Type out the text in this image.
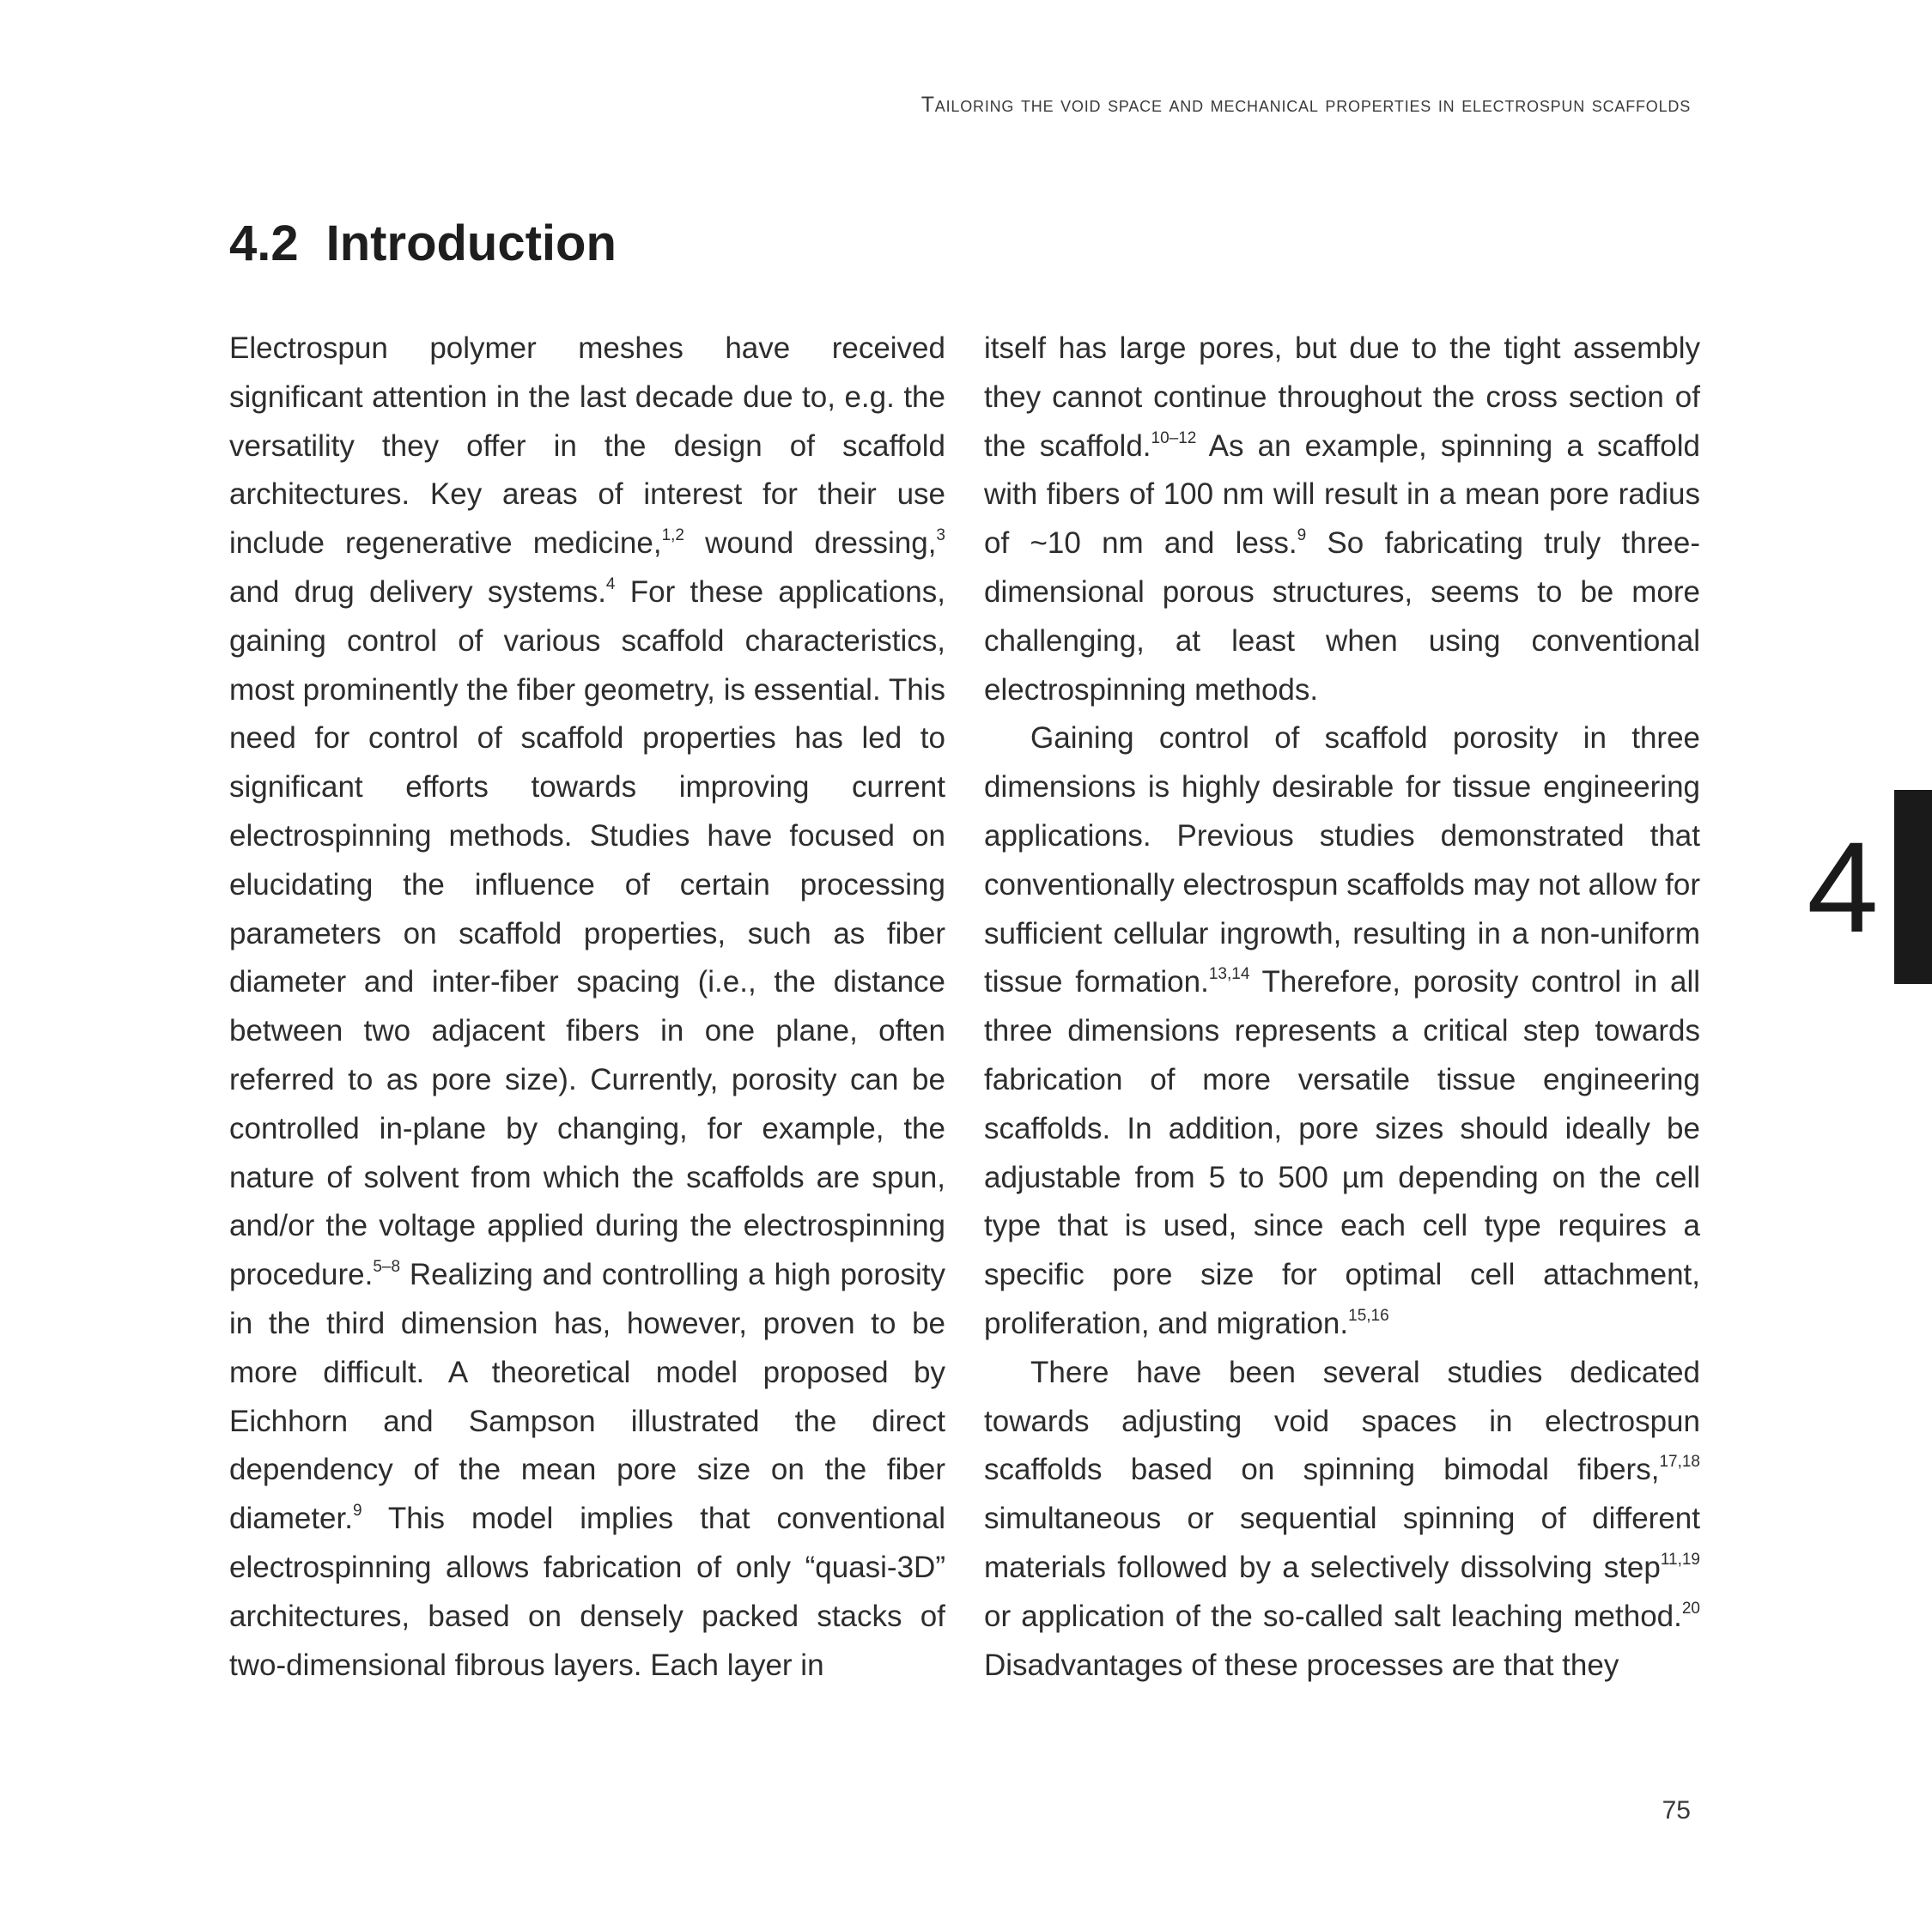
Tailoring the void space and mechanical properties in electrospun scaffolds
4.2 Introduction

Electrospun polymer meshes have received significant attention in the last decade due to, e.g. the versatility they offer in the design of scaffold architectures. Key areas of interest for their use include regenerative medicine,$^{1,2}$ wound dressing,$^3$ and drug delivery systems.$^4$ For these applications, gaining control of various scaffold characteristics, most prominently the fiber geometry, is essential. This need for control of scaffold properties has led to significant efforts towards improving current electrospinning methods. Studies have focused on elucidating the influence of certain processing parameters on scaffold properties, such as fiber diameter and inter-fiber spacing (i.e., the distance between two adjacent fibers in one plane, often referred to as pore size). Currently, porosity can be controlled in-plane by changing, for example, the nature of solvent from which the scaffolds are spun, and/or the voltage applied during the electrospinning procedure.$^{5-8}$ Realizing and controlling a high porosity in the third dimension has, however, proven to be more difficult. A theoretical model proposed by Eichhorn and Sampson illustrated the direct dependency of the mean pore size on the fiber diameter.$^9$ This model implies that conventional electrospinning allows fabrication of only “quasi-3D” architectures, based on densely packed stacks of two-dimensional fibrous layers. Each layer in

itself has large pores, but due to the tight assembly they cannot continue throughout the cross section of the scaffold.$^{10-12}$ As an example, spinning a scaffold with fibers of 100 nm will result in a mean pore radius of ~10 nm and less.$^9$ So fabricating truly three-dimensional porous structures, seems to be more challenging, at least when using conventional electrospinning methods.

Gaining control of scaffold porosity in three dimensions is highly desirable for tissue engineering applications. Previous studies demonstrated that conventionally electrospun scaffolds may not allow for sufficient cellular ingrowth, resulting in a non-uniform tissue formation.$^{13,14}$ Therefore, porosity control in all three dimensions represents a critical step towards fabrication of more versatile tissue engineering scaffolds. In addition, pore sizes should ideally be adjustable from 5 to 500 µm depending on the cell type that is used, since each cell type requires a specific pore size for optimal cell attachment, proliferation, and migration.$^{15,16}$

There have been several studies dedicated towards adjusting void spaces in electrospun scaffolds based on spinning bimodal fibers,$^{17,18}$ simultaneous or sequential spinning of different materials followed by a selectively dissolving step$^{11,19}$ or application of the so-called salt leaching method.$^{20}$ Disadvantages of these processes are that they

4
75
